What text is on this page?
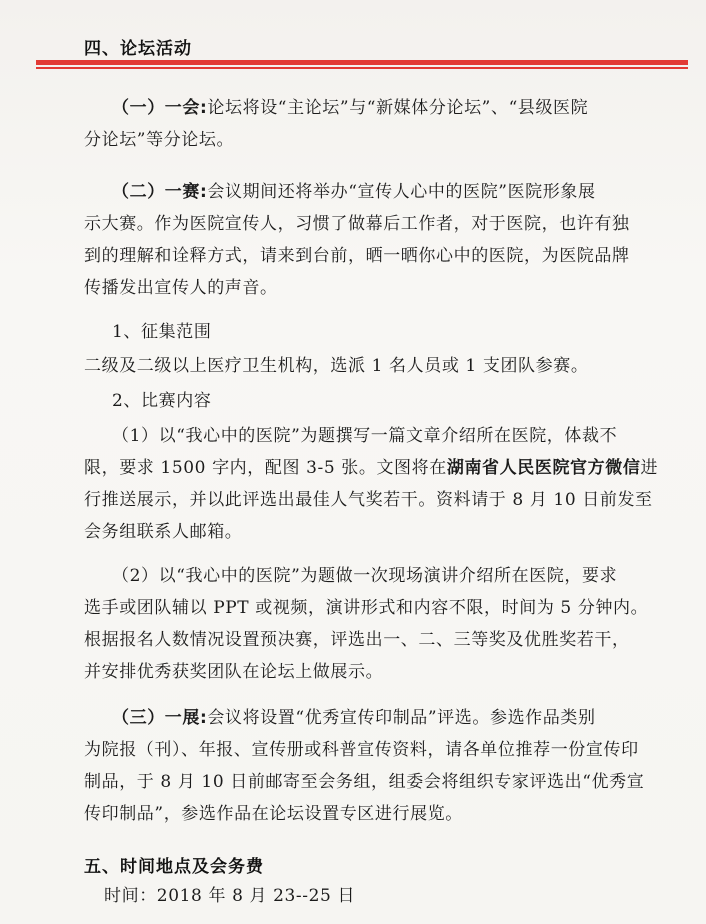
四、论坛活动

（一）一会:论坛将设“主论坛”与“新媒体分论坛”、“县级医院
分论坛”等分论坛。

（二）一赛:会议期间还将举办“宣传人心中的医院”医院形象展
示大赛。作为医院宣传人，习惯了做幕后工作者，对于医院，也许有独
到的理解和诠释方式，请来到台前，晒一晒你心中的医院，为医院品牌
传播发出宣传人的声音。

1、征集范围

二级及二级以上医疗卫生机构，选派 1 名人员或 1 支团队参赛。

2、比赛内容

（1）以“我心中的医院”为题撰写一篇文章介绍所在医院，体裁不
限，要求 1500 字内，配图 3-5 张。文图将在湖南省人民医院官方微信进
行推送展示，并以此评选出最佳人气奖若干。资料请于 8 月 10 日前发至
会务组联系人邮箱。

（2）以“我心中的医院”为题做一次现场演讲介绍所在医院，要求
选手或团队辅以 PPT 或视频，演讲形式和内容不限，时间为 5 分钟内。
根据报名人数情况设置预决赛，评选出一、二、三等奖及优胜奖若干，
并安排优秀获奖团队在论坛上做展示。

（三）一展:会议将设置“优秀宣传印制品”评选。参选作品类别
为院报（刊）、年报、宣传册或科普宣传资料，请各单位推荐一份宣传印
制品，于 8 月 10 日前邮寄至会务组，组委会将组织专家评选出“优秀宣
传印制品”，参选作品在论坛设置专区进行展览。

五、时间地点及会务费

时间：2018 年 8 月 23--25 日
